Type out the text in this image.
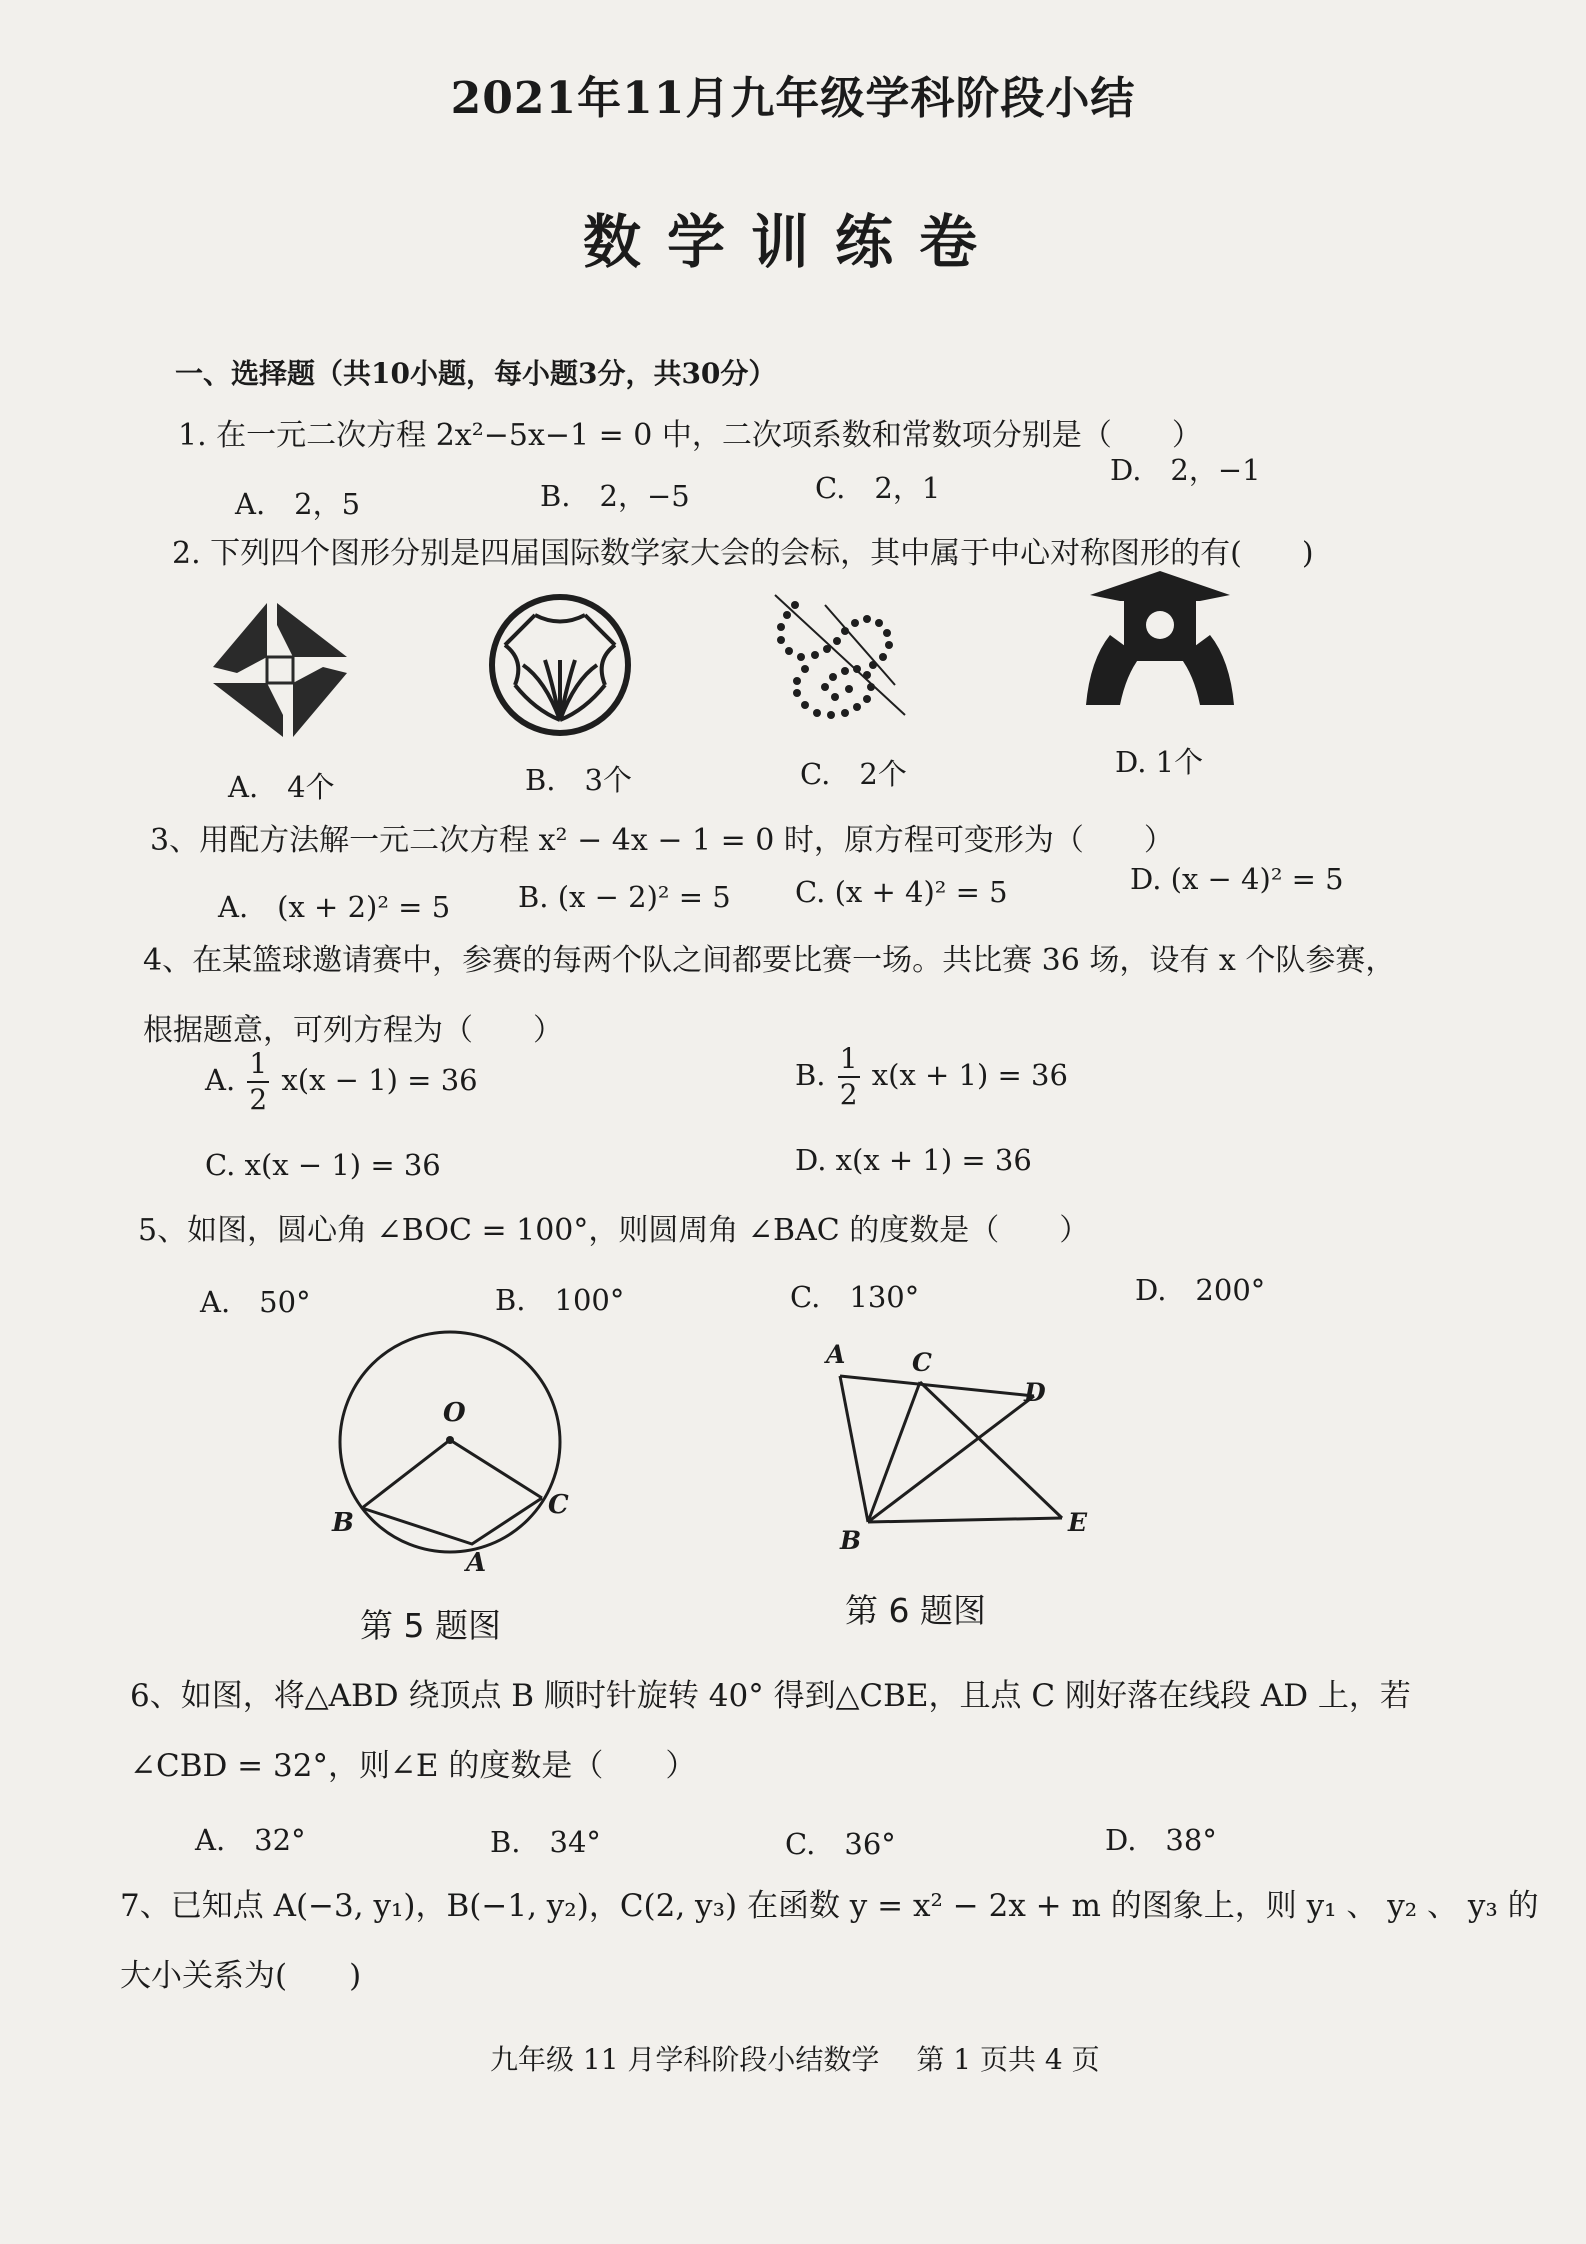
2021年11月九年级学科阶段小结
数学训练卷
一、选择题（共10小题，每小题3分，共30分）
1. 在一元二次方程 2x²−5x−1 = 0 中，二次项系数和常数项分别是（　　）
A.　2，5	B.　2，−5	C.　2，1
D.　2，−1
2. 下列四个图形分别是四届国际数学家大会的会标，其中属于中心对称图形的有(　　)
A.　4个	B.　3个	C.　2个	D. 1个
3、用配方法解一元二次方程 x² − 4x − 1 = 0 时，原方程可变形为（　　）
A.　(x + 2)² = 5 B. (x − 2)² = 5 C. (x + 4)² = 5	D. (x − 4)² = 5
4、在某篮球邀请赛中，参赛的每两个队之间都要比赛一场。共比赛 36 场，设有 x 个队参赛，
根据题意，可列方程为（　　）
A. $\frac{1}{2} x(x - 1) = 36$	B. $\frac{1}{2} x(x + 1) = 36$
C. x(x − 1) = 36	D. x(x + 1) = 36
5、如图，圆心角 ∠BOC = 100°，则圆周角 ∠BAC 的度数是（　　）
A.　50°	B.　100°	C.　130°	D.　200°
O
B
C
A
第 5 题图
A	C
D
B
E
第 6 题图
6、如图，将△ABD 绕顶点 B 顺时针旋转 40° 得到△CBE，且点 C 刚好落在线段 AD 上，若
∠CBD = 32°，则∠E 的度数是（　　）
A.　32°	B.　34°	C.　36°	D.　38°
7、已知点 A(−3, y₁)，B(−1, y₂)，C(2, y₃) 在函数 y = x² − 2x + m 的图象上，则 y₁ 、 y₂ 、 y₃ 的
大小关系为(　　)
九年级 11 月学科阶段小结数学　 第 1 页共 4 页
